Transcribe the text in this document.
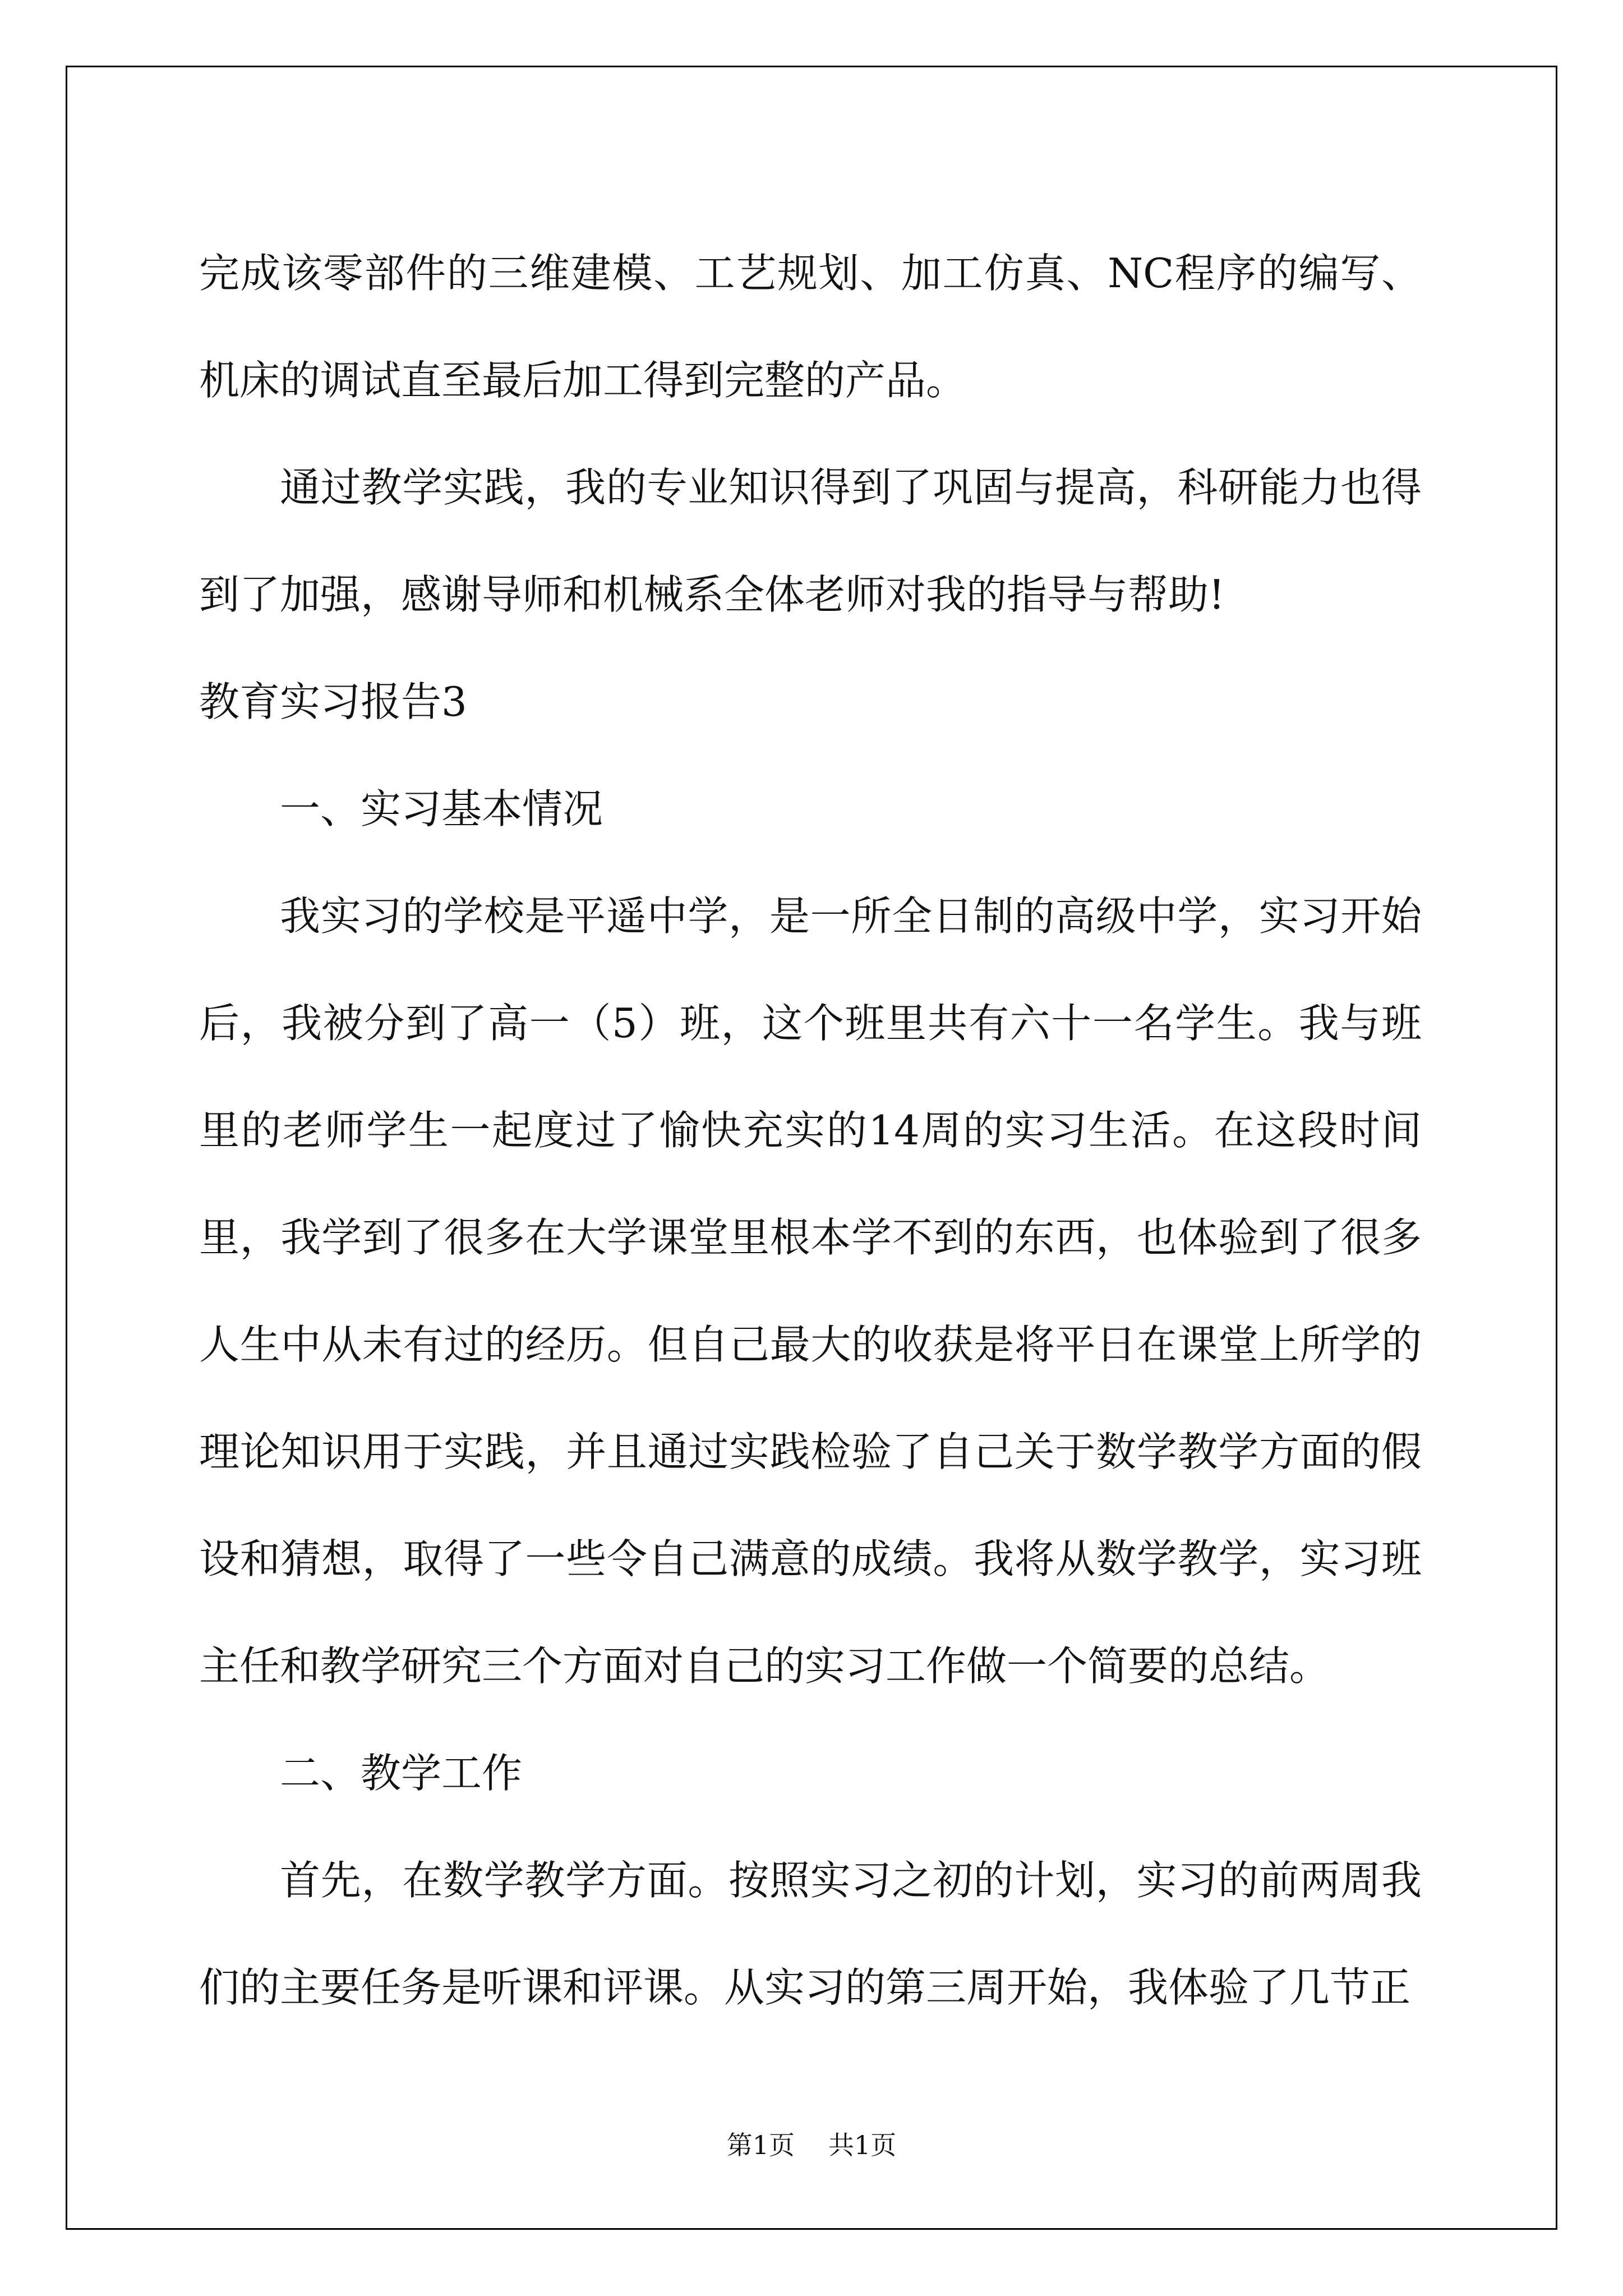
完成该零部件的三维建模、工艺规划、加工仿真、NC程序的编写、机床的调试直至最后加工得到完整的产品。

通过教学实践，我的专业知识得到了巩固与提高，科研能力也得到了加强，感谢导师和机械系全体老师对我的指导与帮助!

教育实习报告3

一、实习基本情况

我实习的学校是平遥中学，是一所全日制的高级中学，实习开始后，我被分到了高一（5）班，这个班里共有六十一名学生。我与班里的老师学生一起度过了愉快充实的14周的实习生活。在这段时间里，我学到了很多在大学课堂里根本学不到的东西，也体验到了很多人生中从未有过的经历。但自己最大的收获是将平日在课堂上所学的理论知识用于实践，并且通过实践检验了自己关于数学教学方面的假设和猜想，取得了一些令自己满意的成绩。我将从数学教学，实习班主任和教学研究三个方面对自己的实习工作做一个简要的总结。

二、教学工作

首先，在数学教学方面。按照实习之初的计划，实习的前两周我们的主要任务是听课和评课。从实习的第三周开始，我体验了几节正

第1页 共1页
